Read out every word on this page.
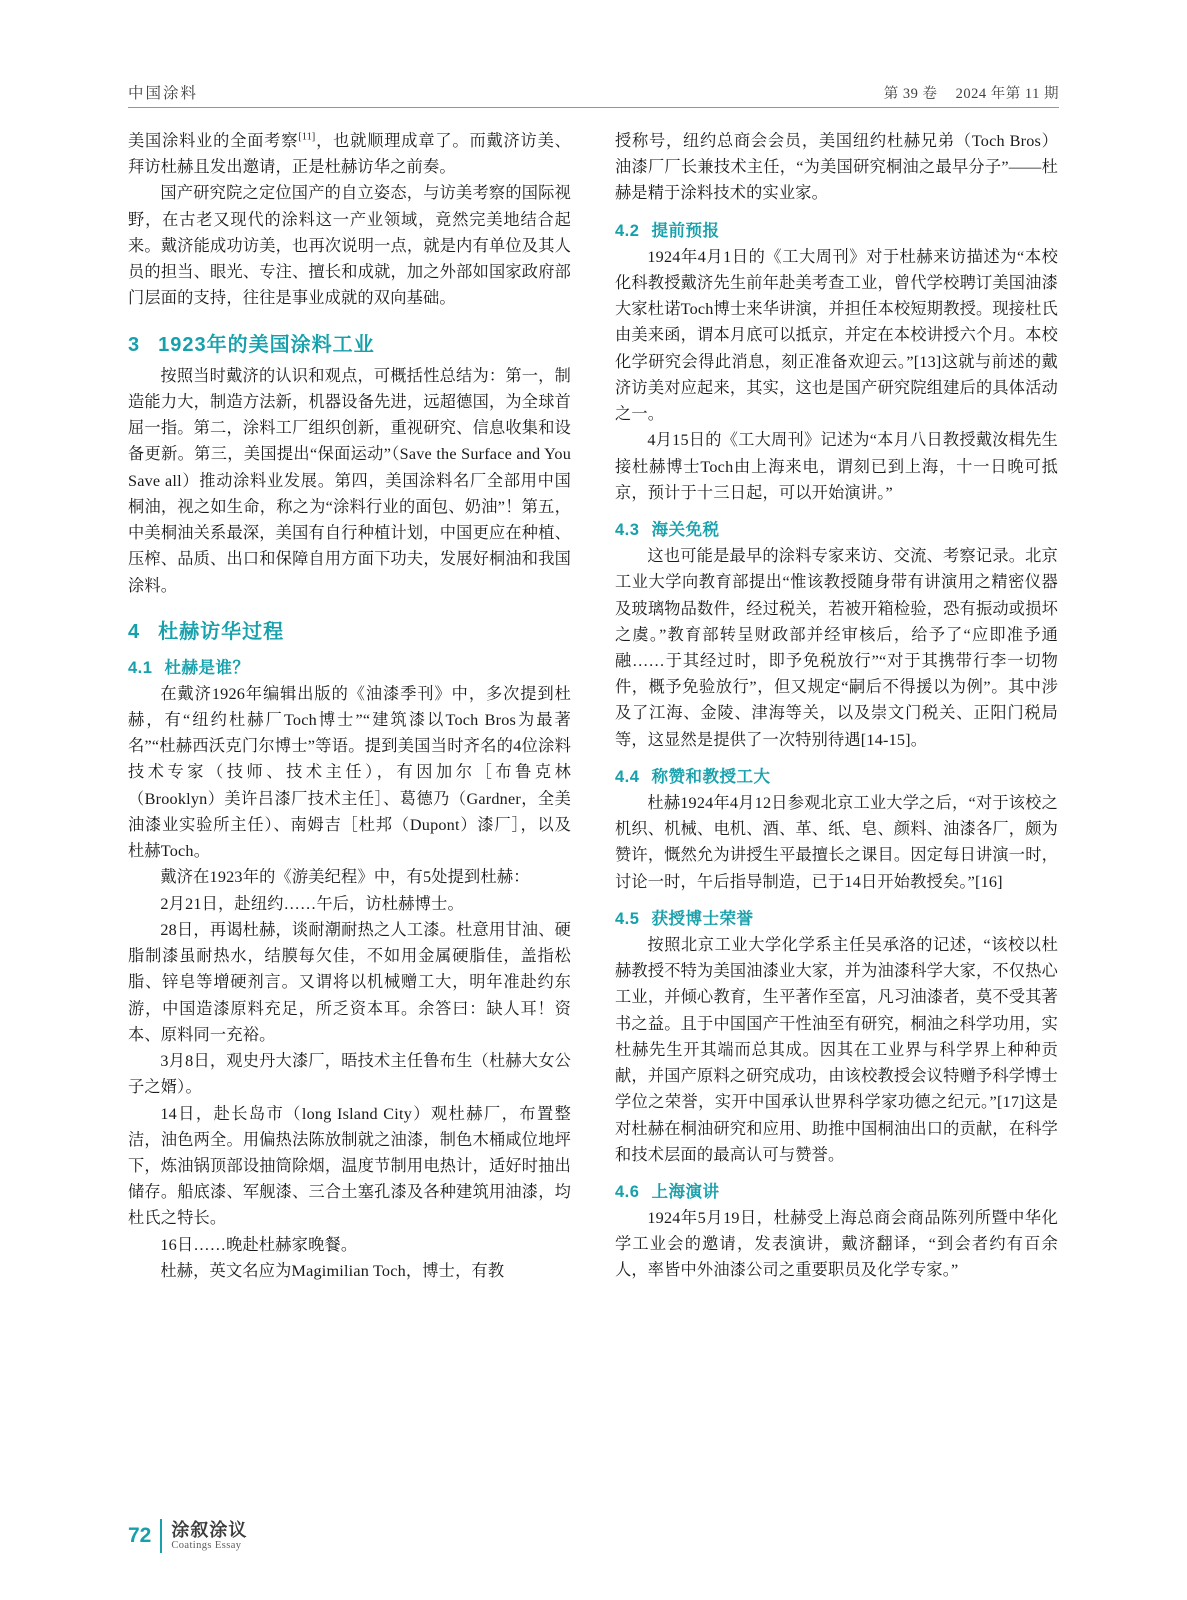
中国涂料	第 39 卷 2024 年第 11 期

美国涂料业的全面考察[11]，也就顺理成章了。而戴济访美、拜访杜赫且发出邀请，正是杜赫访华之前奏。

国产研究院之定位国产的自立姿态，与访美考察的国际视野，在古老又现代的涂料这一产业领域，竟然完美地结合起来。戴济能成功访美，也再次说明一点，就是内有单位及其人员的担当、眼光、专注、擅长和成就，加之外部如国家政府部门层面的支持，往往是事业成就的双向基础。

3 1923年的美国涂料工业

按照当时戴济的认识和观点，可概括性总结为：第一，制造能力大，制造方法新，机器设备先进，远超德国，为全球首屈一指。第二，涂料工厂组织创新，重视研究、信息收集和设备更新。第三，美国提出“保面运动”（Save the Surface and You Save all）推动涂料业发展。第四，美国涂料名厂全部用中国桐油，视之如生命，称之为“涂料行业的面包、奶油”！第五，中美桐油关系最深，美国有自行种植计划，中国更应在种植、压榨、品质、出口和保障自用方面下功夫，发展好桐油和我国涂料。

4 杜赫访华过程
4.1 杜赫是谁？

在戴济1926年编辑出版的《油漆季刊》中，多次提到杜赫，有“纽约杜赫厂Toch博士”“建筑漆以Toch Bros为最著名”“杜赫西沃克门尔博士”等语。提到美国当时齐名的4位涂料技术专家（技师、技术主任），有因加尔［布鲁克林（Brooklyn）美许吕漆厂技术主任］、葛德乃（Gardner，全美油漆业实验所主任）、南姆吉［杜邦（Dupont）漆厂］，以及杜赫Toch。

戴济在1923年的《游美纪程》中，有5处提到杜赫：

2月21日，赴纽约……午后，访杜赫博士。

28日，再谒杜赫，谈耐潮耐热之人工漆。杜意用甘油、硬脂制漆虽耐热水，结膜每欠佳，不如用金属硬脂佳，盖指松脂、锌皂等增硬剂言。又谓将以机械赠工大，明年准赴约东游，中国造漆原料充足，所乏资本耳。余答曰：缺人耳！资本、原料同一充裕。

3月8日，观史丹大漆厂，晤技术主任鲁布生（杜赫大女公子之婿）。

14日，赴长岛市（long Island City）观杜赫厂，布置整洁，油色两全。用偏热法陈放制就之油漆，制色木桶咸位地坪下，炼油锅顶部设抽筒除烟，温度节制用电热计，适好时抽出储存。船底漆、军舰漆、三合土塞孔漆及各种建筑用油漆，均杜氏之特长。

16日……晚赴杜赫家晚餐。

杜赫，英文名应为Magimilian Toch，博士，有教

授称号，纽约总商会会员，美国纽约杜赫兄弟（Toch Bros）油漆厂厂长兼技术主任，“为美国研究桐油之最早分子”——杜赫是精于涂料技术的实业家。

4.2 提前预报

1924年4月1日的《工大周刊》对于杜赫来访描述为“本校化科教授戴济先生前年赴美考查工业，曾代学校聘订美国油漆大家杜诺Toch博士来华讲演，并担任本校短期教授。现接杜氏由美来函，谓本月底可以抵京，并定在本校讲授六个月。本校化学研究会得此消息，刻正准备欢迎云。”[13]这就与前述的戴济访美对应起来，其实，这也是国产研究院组建后的具体活动之一。

4月15日的《工大周刊》记述为“本月八日教授戴汝楫先生接杜赫博士Toch由上海来电，谓刻已到上海，十一日晚可抵京，预计于十三日起，可以开始演讲。”

4.3 海关免税

这也可能是最早的涂料专家来访、交流、考察记录。北京工业大学向教育部提出“惟该教授随身带有讲演用之精密仪器及玻璃物品数件，经过税关，若被开箱检验，恐有振动或损坏之虞。”教育部转呈财政部并经审核后，给予了“应即准予通融……于其经过时，即予免税放行”“对于其携带行李一切物件，概予免验放行”，但又规定“嗣后不得援以为例”。其中涉及了江海、金陵、津海等关，以及崇文门税关、正阳门税局等，这显然是提供了一次特别待遇[14-15]。

4.4 称赞和教授工大

杜赫1924年4月12日参观北京工业大学之后，“对于该校之机织、机械、电机、酒、革、纸、皂、颜料、油漆各厂，颇为赞许，慨然允为讲授生平最擅长之课目。因定每日讲演一时，讨论一时，午后指导制造，已于14日开始教授矣。”[16]

4.5 获授博士荣誉

按照北京工业大学化学系主任吴承洛的记述，“该校以杜赫教授不特为美国油漆业大家，并为油漆科学大家，不仅热心工业，并倾心教育，生平著作至富，凡习油漆者，莫不受其著书之益。且于中国国产干性油至有研究，桐油之科学功用，实杜赫先生开其端而总其成。因其在工业界与科学界上种种贡献，并国产原料之研究成功，由该校教授会议特赠予科学博士学位之荣誉，实开中国承认世界科学家功德之纪元。”[17]这是对杜赫在桐油研究和应用、助推中国桐油出口的贡献，在科学和技术层面的最高认可与赞誉。

4.6 上海演讲

1924年5月19日，杜赫受上海总商会商品陈列所暨中华化学工业会的邀请，发表演讲，戴济翻译，“到会者约有百余人，率皆中外油漆公司之重要职员及化学专家。”

72 涂叙涂议
Coatings Essay
